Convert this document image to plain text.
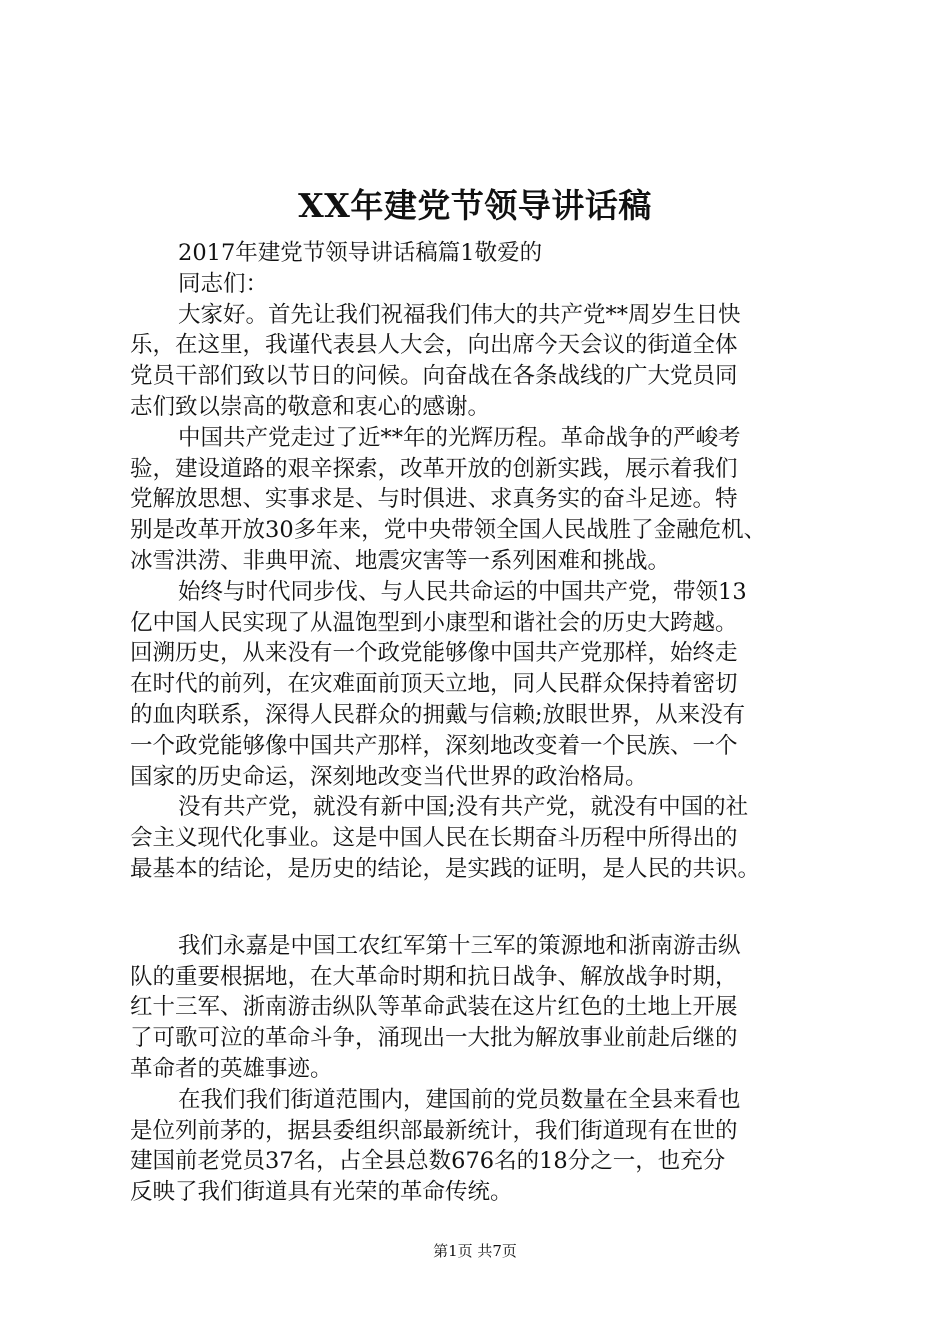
XX年建党节领导讲话稿
2017年建党节领导讲话稿篇1敬爱的
同志们：
大家好。首先让我们祝福我们伟大的共产党**周岁生日快
乐，在这里，我谨代表县人大会，向出席今天会议的街道全体
党员干部们致以节日的问候。向奋战在各条战线的广大党员同
志们致以崇高的敬意和衷心的感谢。
中国共产党走过了近**年的光辉历程。革命战争的严峻考
验，建设道路的艰辛探索，改革开放的创新实践，展示着我们
党解放思想、实事求是、与时俱进、求真务实的奋斗足迹。特
别是改革开放30多年来，党中央带领全国人民战胜了金融危机、
冰雪洪涝、非典甲流、地震灾害等一系列困难和挑战。
始终与时代同步伐、与人民共命运的中国共产党，带领13
亿中国人民实现了从温饱型到小康型和谐社会的历史大跨越。
回溯历史，从来没有一个政党能够像中国共产党那样，始终走
在时代的前列，在灾难面前顶天立地，同人民群众保持着密切
的血肉联系，深得人民群众的拥戴与信赖;放眼世界，从来没有
一个政党能够像中国共产那样，深刻地改变着一个民族、一个
国家的历史命运，深刻地改变当代世界的政治格局。
没有共产党，就没有新中国;没有共产党，就没有中国的社
会主义现代化事业。这是中国人民在长期奋斗历程中所得出的
最基本的结论，是历史的结论，是实践的证明，是人民的共识。
我们永嘉是中国工农红军第十三军的策源地和浙南游击纵
队的重要根据地，在大革命时期和抗日战争、解放战争时期，
红十三军、浙南游击纵队等革命武装在这片红色的土地上开展
了可歌可泣的革命斗争，涌现出一大批为解放事业前赴后继的
革命者的英雄事迹。
在我们我们街道范围内，建国前的党员数量在全县来看也
是位列前茅的，据县委组织部最新统计，我们街道现有在世的
建国前老党员37名，占全县总数676名的18分之一，也充分
反映了我们街道具有光荣的革命传统。
第1页 共7页
